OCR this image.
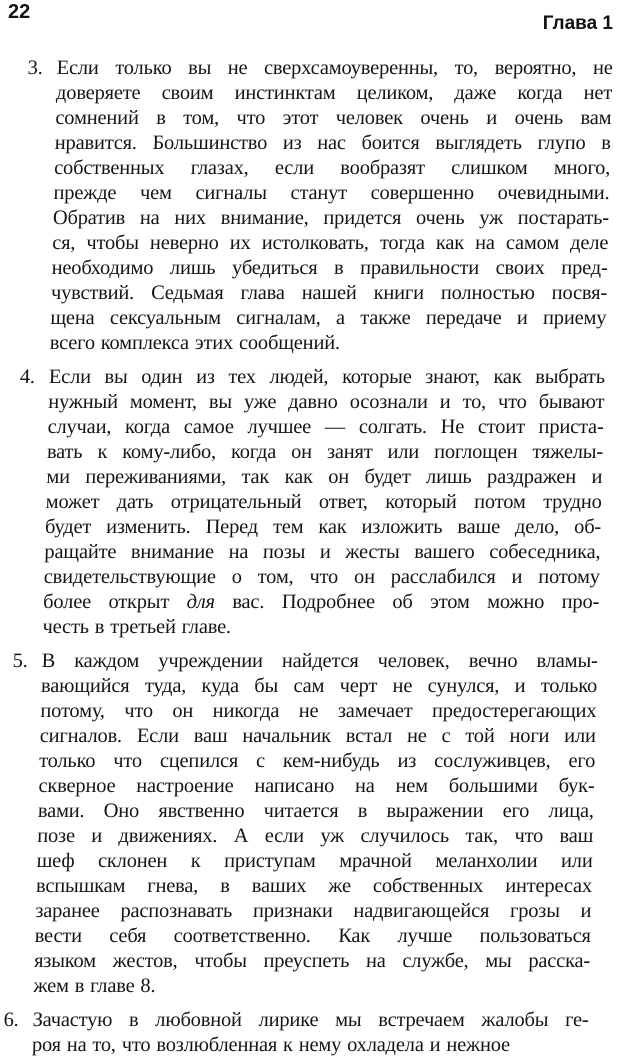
22
Глава 1
3. Если только вы не сверхсамоуверенны, то, вероятно, не
доверяете своим инстинктам целиком, даже когда нет
сомнений в том, что этот человек очень и очень вам
нравится. Большинство из нас боится выглядеть глупо в
собственных глазах, если вообразят слишком много,
прежде чем сигналы станут совершенно очевидными.
Обратив на них внимание, придется очень уж постарать-
ся, чтобы неверно их истолковать, тогда как на самом деле
необходимо лишь убедиться в правильности своих пред-
чувствий. Седьмая глава нашей книги полностью посвя-
щена сексуальным сигналам, а также передаче и приему
всего комплекса этих сообщений.
4. Если вы один из тех людей, которые знают, как выбрать
нужный момент, вы уже давно осознали и то, что бывают
случаи, когда самое лучшее — солгать. Не стоит приста-
вать к кому-либо, когда он занят или поглощен тяжелы-
ми переживаниями, так как он будет лишь раздражен и
может дать отрицательный ответ, который потом трудно
будет изменить. Перед тем как изложить ваше дело, об-
ращайте внимание на позы и жесты вашего собеседника,
свидетельствующие о том, что он расслабился и потому
более открыт для вас. Подробнее об этом можно про-
честь в третьей главе.
5. В каждом учреждении найдется человек, вечно вламы-
вающийся туда, куда бы сам черт не сунулся, и только
потому, что он никогда не замечает предостерегающих
сигналов. Если ваш начальник встал не с той ноги или
только что сцепился с кем-нибудь из сослуживцев, его
скверное настроение написано на нем большими бук-
вами. Оно явственно читается в выражении его лица,
позе и движениях. А если уж случилось так, что ваш
шеф склонен к приступам мрачной меланхолии или
вспышкам гнева, в ваших же собственных интересах
заранее распознавать признаки надвигающейся грозы и
вести себя соответственно. Как лучше пользоваться
языком жестов, чтобы преуспеть на службе, мы расска-
жем в главе 8.
6. Зачастую в любовной лирике мы встречаем жалобы ге-
роя на то, что возлюбленная к нему охладела и нежное
